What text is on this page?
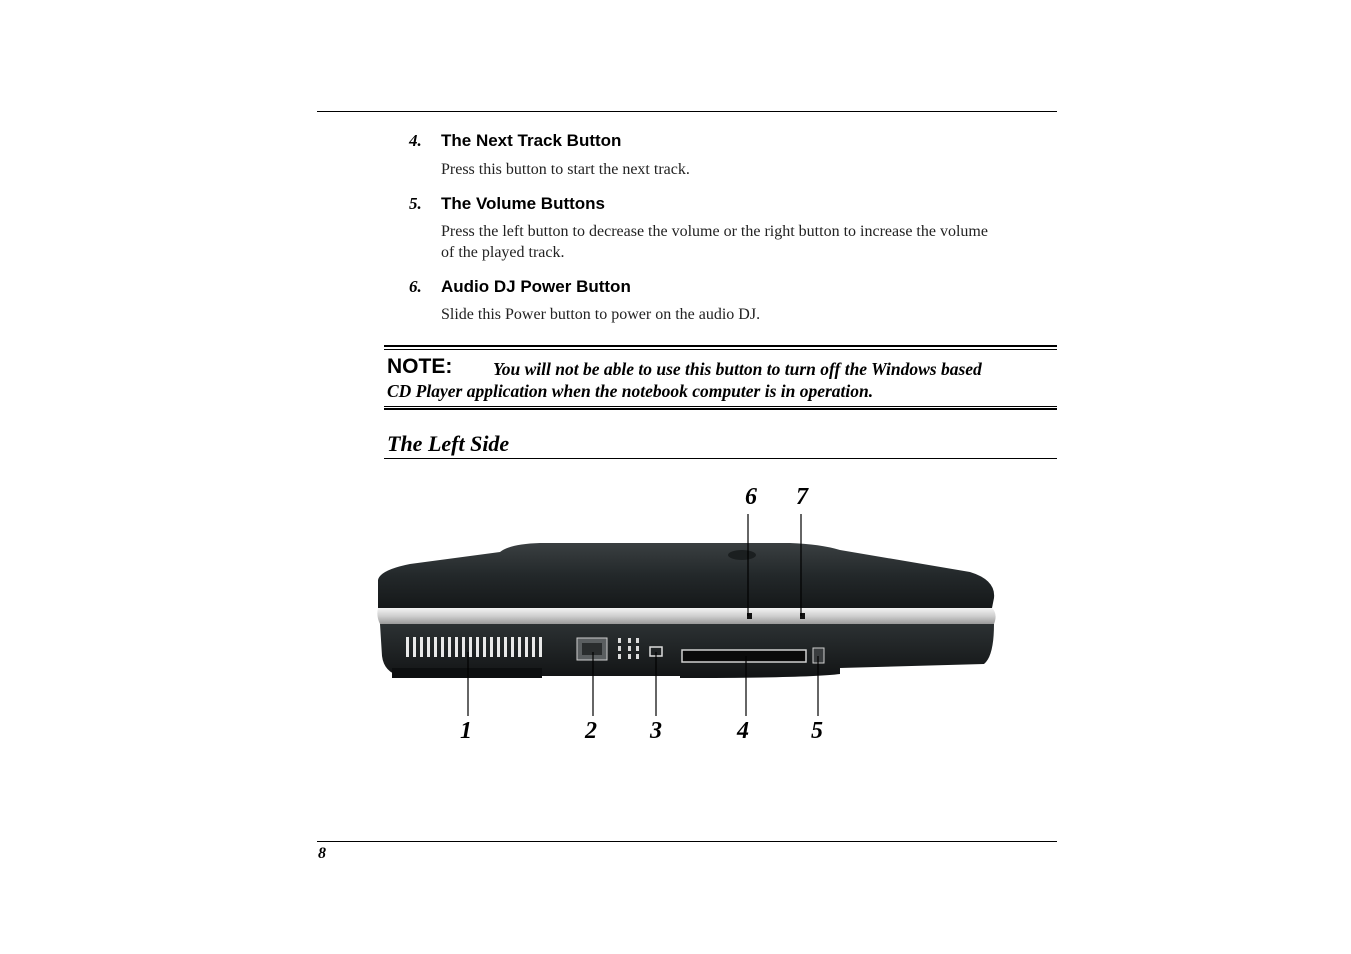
4. The Next Track Button
Press this button to start the next track.
5. The Volume Buttons
Press the left button to decrease the volume or the right button to increase the volume
of the played track.
6. Audio DJ Power Button
Slide this Power button to power on the audio DJ.
NOTE: You will not be able to use this button to turn off the Windows based
CD Player application when the notebook computer is in operation.
The Left Side
1	2 3	4	5
6 7
8
